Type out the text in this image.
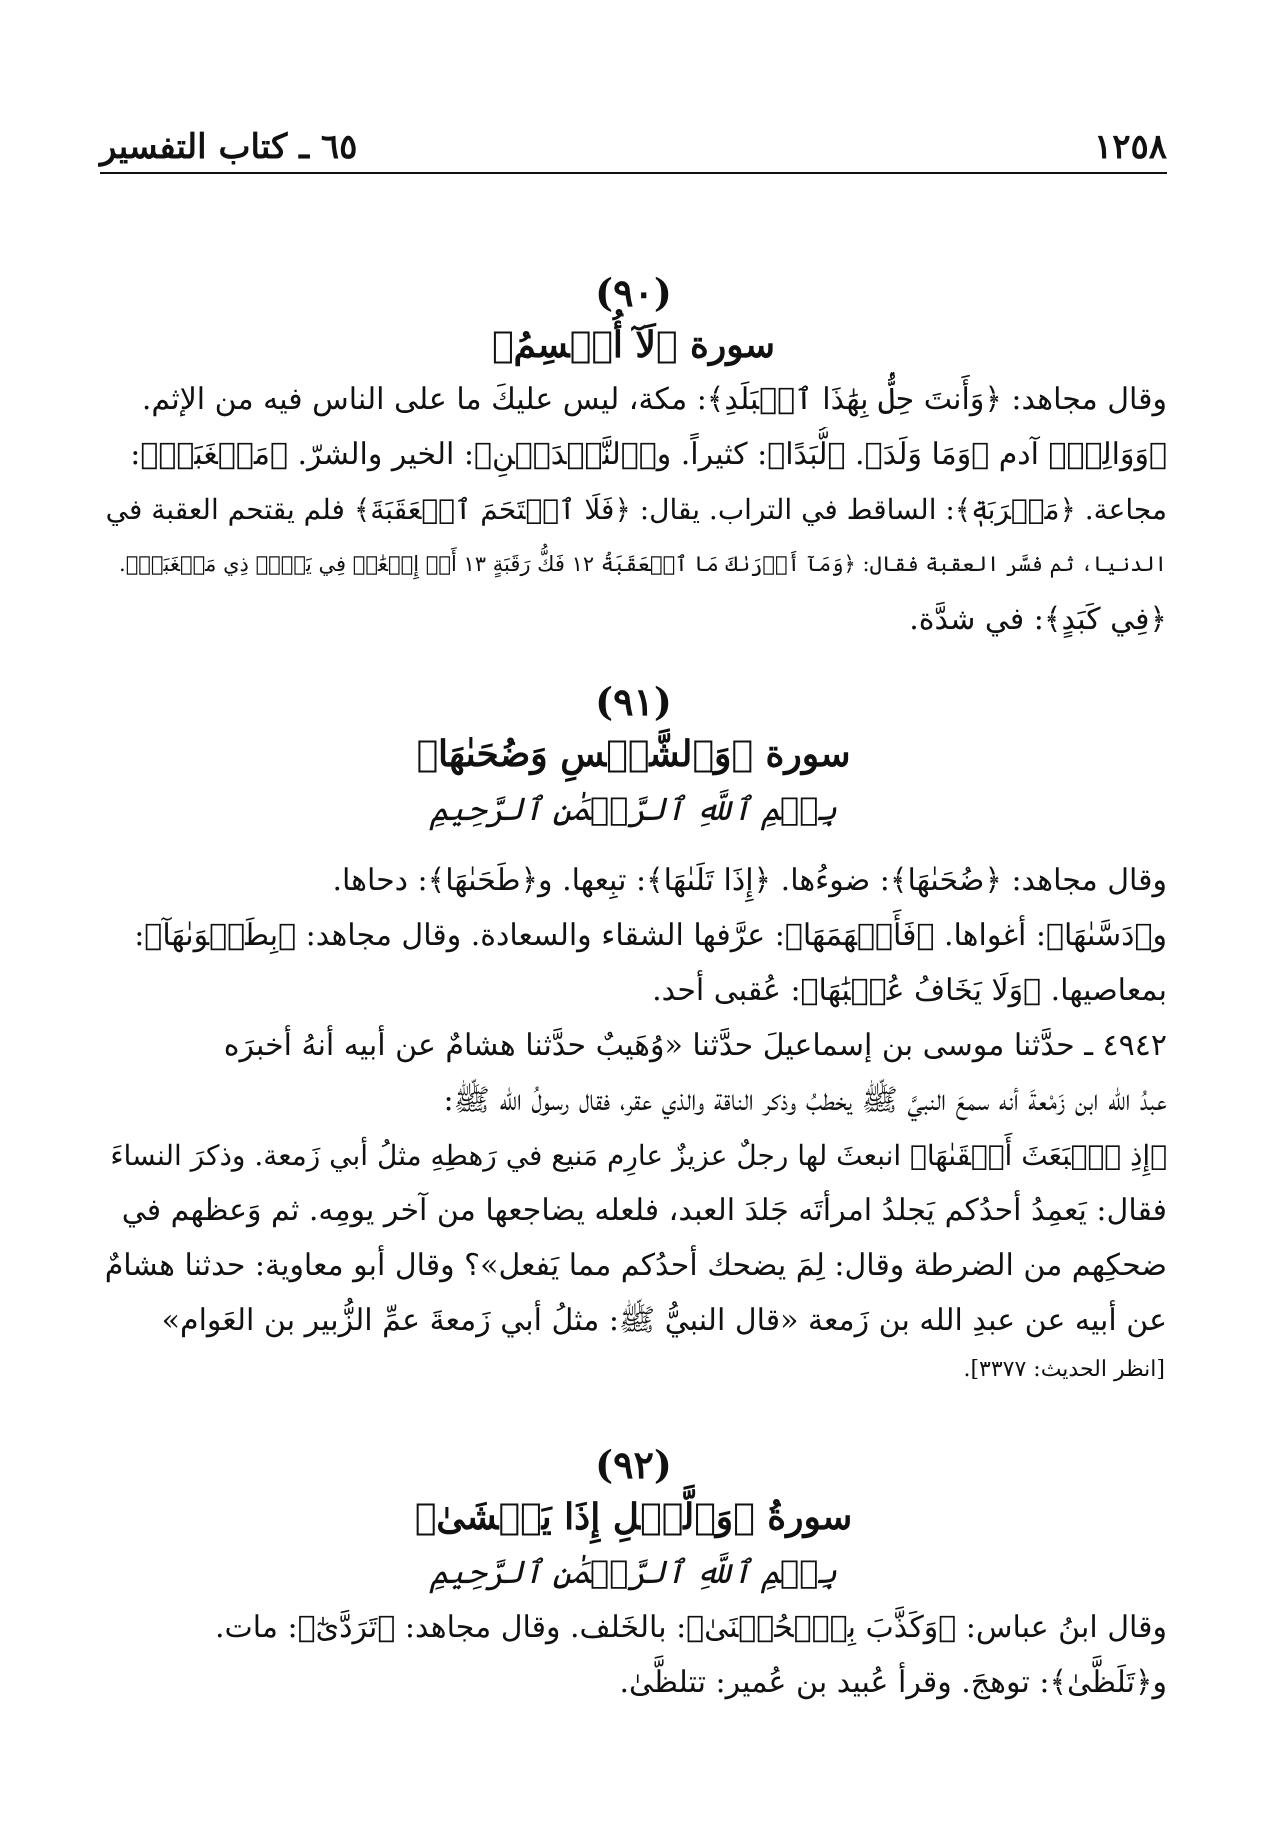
١٢٥٨
٦٥ ـ كتاب التفسير
(٩٠)
سورة ﴿لَآ أُقۡسِمُ﴾

وقال مجاهد: ﴿وَأَنتَ حِلُّۢ بِهَٰذَا ٱلۡبَلَدِ﴾: مكة، ليس عليكَ ما على الناس فيه من الإثم.

﴿وَوَالِدٖ﴾ آدم ﴿وَمَا وَلَدَ﴾. ﴿لُّبَدًا﴾: كثيراً. و﴿ٱلنَّجۡدَيۡنِ﴾: الخير والشرّ. ﴿مَسۡغَبَةٖ﴾:

مجاعة. ﴿مَتۡرَبَةٖ﴾: الساقط في التراب. يقال: ﴿فَلَا ٱقۡتَحَمَ ٱلۡعَقَبَةَ﴾ فلم يقتحم العقبة في

الدنيا، ثم فسَّر العقبة فقال: ﴿وَمَآ أَدۡرَىٰكَ مَا ٱلۡعَقَبَةُ ١٢ فَكُّ رَقَبَةٍ ١٣ أَوۡ إِطۡعَٰمٞ فِي يَوۡمٖ ذِي مَسۡغَبَةٖ﴾.

﴿فِي كَبَدٍ﴾: في شدَّة.

(٩١)
سورة ﴿وَٱلشَّمۡسِ وَضُحَىٰهَا﴾
بِسۡمِ ٱللَّهِ ٱلرَّحۡمَٰنِ ٱلرَّحِيمِ

وقال مجاهد: ﴿ضُحَىٰهَا﴾: ضوءُها. ﴿إِذَا تَلَىٰهَا﴾: تبِعها. و﴿طَحَىٰهَا﴾: دحاها.

و﴿دَسَّىٰهَا﴾: أغواها. ﴿فَأَلۡهَمَهَا﴾: عرَّفها الشقاء والسعادة. وقال مجاهد: ﴿بِطَغۡوَىٰهَآ﴾:

بمعاصيها. ﴿وَلَا يَخَافُ عُقۡبَٰهَا﴾: عُقبى أحد.

٤٩٤٢ ـ حدَّثنا موسى بن إسماعيلَ حدَّثنا «وُهَيبٌ حدَّثنا هشامٌ عن أبيه أنهُ أخبرَه

عبدُ الله ابن زَمْعةَ أنه سمعَ النبيَّ ﷺ يخطبُ وذكر الناقة والذي عقر، فقال رسولُ الله ﷺ:

﴿إِذِ ٱنۢبَعَثَ أَشۡقَىٰهَا﴾ انبعثَ لها رجلٌ عزيزٌ عارِم مَنيع في رَهطِهِ مثلُ أبي زَمعة. وذكرَ النساءَ

فقال: يَعمِدُ أحدُكم يَجلدُ امرأتَه جَلدَ العبد، فلعله يضاجعها من آخر يومِه. ثم وَعظهم في

ضحكِهم من الضرطة وقال: لِمَ يضحك أحدُكم مما يَفعل»؟ وقال أبو معاوية: حدثنا هشامٌ

عن أبيه عن عبدِ الله بن زَمعة «قال النبيُّ ﷺ: مثلُ أبي زَمعةَ عمِّ الزُّبير بن العَوام»

[انظر الحديث: ٣٣٧٧].
(٩٢)
سورةُ ﴿وَٱلَّيۡلِ إِذَا يَغۡشَىٰ﴾
بِسۡمِ ٱللَّهِ ٱلرَّحۡمَٰنِ ٱلرَّحِيمِ

وقال ابنُ عباس: ﴿وَكَذَّبَ بِٱلۡحُسۡنَىٰ﴾: بالخَلف. وقال مجاهد: ﴿تَرَدَّىٰٓ﴾: مات.

و﴿تَلَظَّىٰ﴾: توهجَ. وقرأ عُبيد بن عُمير: تتلظَّىٰ.
